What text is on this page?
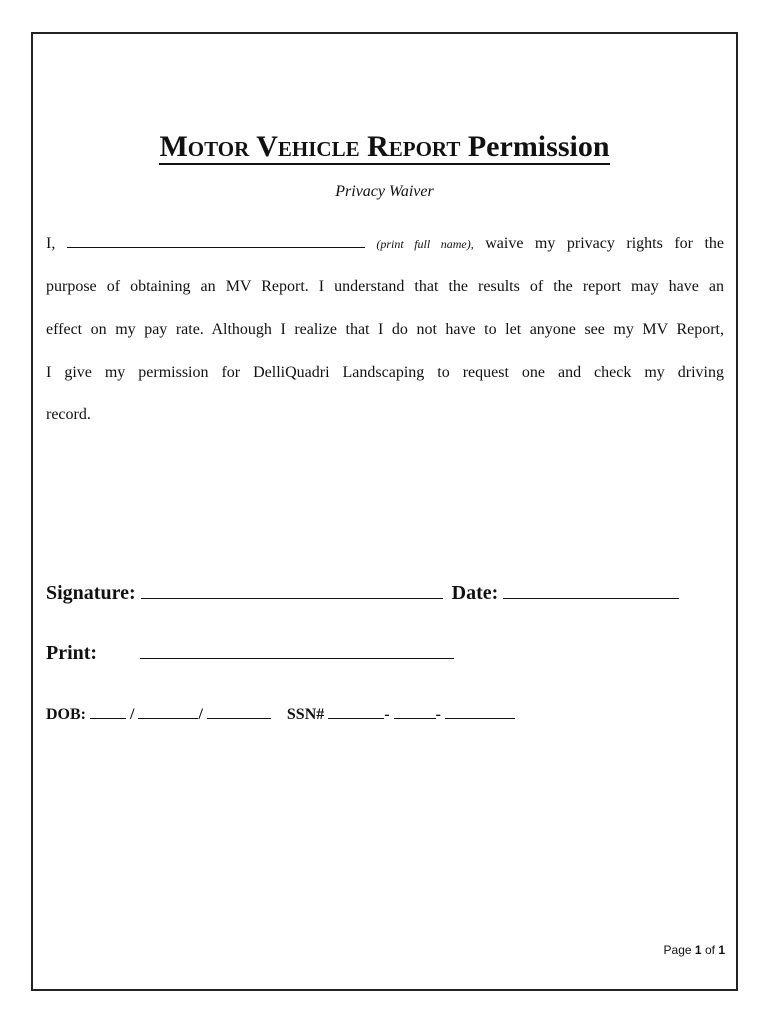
Motor Vehicle Report Permission
Privacy Waiver
I,	(print full name), waive my privacy rights for the
purpose of obtaining an MV Report. I understand that the results of the report may have an
effect on my pay rate. Although I realize that I do not have to let anyone see my MV Report,
I give my permission for DelliQuadri Landscaping to request one and check my driving
record.
Signature:	Date:
Print:
DOB:	/	/	SSN#	-	-
Page 1 of 1
